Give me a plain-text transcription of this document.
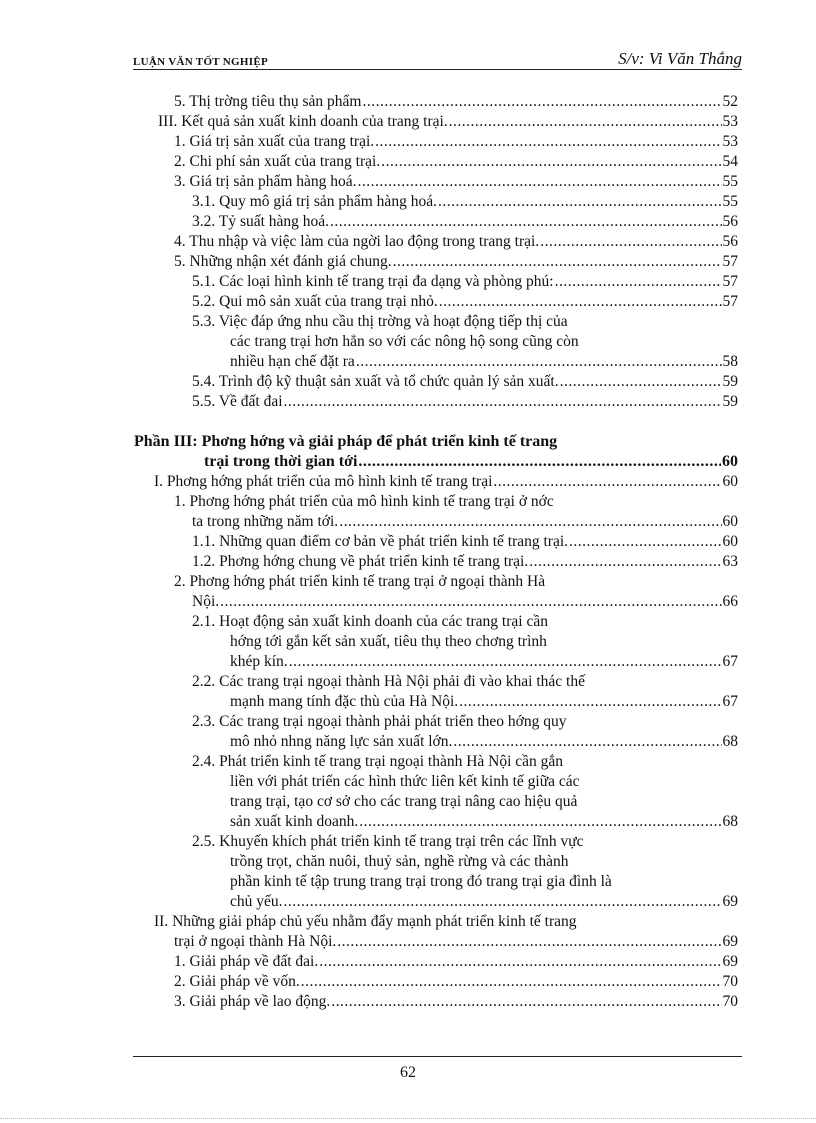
LUẬN VĂN TỐT NGHIỆP	S/v: Vi Văn Thắng
5. Thị trờng tiêu thụ sản phẩm .....	52
III. Kết quả sản xuất kinh doanh của trang trại. .....	53
1. Giá trị sản xuất của trang trại. .....	53
2. Chi phí sản xuất của trang trại. .....	54
3. Giá trị sản phẩm hàng hoá. .....	55
3.1. Quy mô giá trị sản phẩm hàng hoá. .....	55
3.2. Tỷ suất hàng hoá. .....	56
4. Thu nhập và việc làm của ngời lao động trong trang trại. .....	56
5. Những nhận xét đánh giá chung. .....	57
5.1. Các loại hình kinh tế trang trại đa dạng và phòng phú: .....	57
5.2. Qui mô sản xuất của trang trại nhỏ. .....	57
5.3. Việc đáp ứng nhu cầu thị trờng và hoạt động tiếp thị của
các trang trại hơn hẳn so với các nông hộ song cũng còn
nhiều hạn chế đặt ra .....	58
5.4. Trình độ kỹ thuật sản xuất và tổ chức quản lý sản xuất. .....	59
5.5. Về đất đai .....	59
Phần III: Phơng hớng và giải pháp để phát triển kinh tế trang
trại trong thời gian tới .....	60
I. Phơng hớng phát triển của mô hình kinh tế trang trại .....	60
1. Phơng hớng phát triển của mô hình kinh tế trang trại ở nớc
ta trong những năm tới. .....	60
1.1. Những quan điểm cơ bản về phát triển kinh tế trang trại. .....	60
1.2. Phơng hớng chung về phát triển kinh tế trang trại. .....	63
2. Phơng hớng phát triển kinh tế trang trại ở ngoại thành Hà
Nội. .....	66
2.1. Hoạt động sản xuất kinh doanh của các trang trại cần
hớng tới gắn kết sản xuất, tiêu thụ theo chơng trình
khép kín. .....	67
2.2. Các trang trại ngoại thành Hà Nội phải đi vào khai thác thế
mạnh mang tính đặc thù của Hà Nội. .....	67
2.3. Các trang trại ngoại thành phải phát triển theo hớng quy
mô nhỏ nhng năng lực sản xuất lớn. .....	68
2.4. Phát triển kinh tế trang trại ngoại thành Hà Nội cần gắn
liền với phát triển các hình thức liên kết kinh tế giữa các
trang trại, tạo cơ sở cho các trang trại nâng cao hiệu quả
sản xuất kinh doanh. .....	68
2.5. Khuyến khích phát triển kinh tế trang trại trên các lĩnh vực
trồng trọt, chăn nuôi, thuỷ sản, nghề rừng và các thành
phần kinh tế tập trung trang trại trong đó trang trại gia đình là
chủ yếu. .....	69
II. Những giải pháp chủ yếu nhằm đẩy mạnh phát triển kinh tế trang
trại ở ngoại thành Hà Nội. .....	69
1. Giải pháp về đất đai. .....	69
2. Giải pháp về vốn. .....	70
3. Giải pháp về lao động. .....	70
62
